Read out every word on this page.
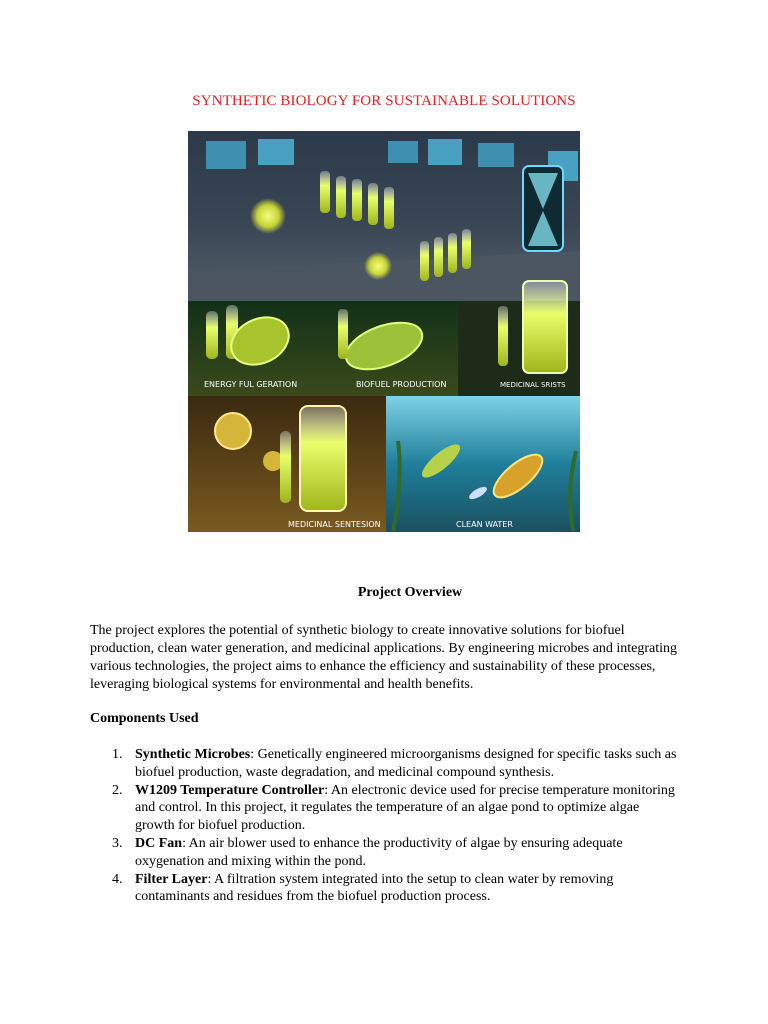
SYNTHETIC BIOLOGY FOR SUSTAINABLE SOLUTIONS
ENERGY FUL GERATION	BIOFUEL PRODUCTION	MEDICINAL SRISTS
MEDICINAL SENTESION	CLEAN WATER
Project Overview
The project explores the potential of synthetic biology to create innovative solutions for biofuel production, clean water generation, and medicinal applications. By engineering microbes and integrating various technologies, the project aims to enhance the efficiency and sustainability of these processes, leveraging biological systems for environmental and health benefits.
Components Used
1. Synthetic Microbes: Genetically engineered microorganisms designed for specific tasks such as biofuel production, waste degradation, and medicinal compound synthesis.
2. W1209 Temperature Controller: An electronic device used for precise temperature monitoring and control. In this project, it regulates the temperature of an algae pond to optimize algae growth for biofuel production.
3. DC Fan: An air blower used to enhance the productivity of algae by ensuring adequate oxygenation and mixing within the pond.
4. Filter Layer: A filtration system integrated into the setup to clean water by removing contaminants and residues from the biofuel production process.
